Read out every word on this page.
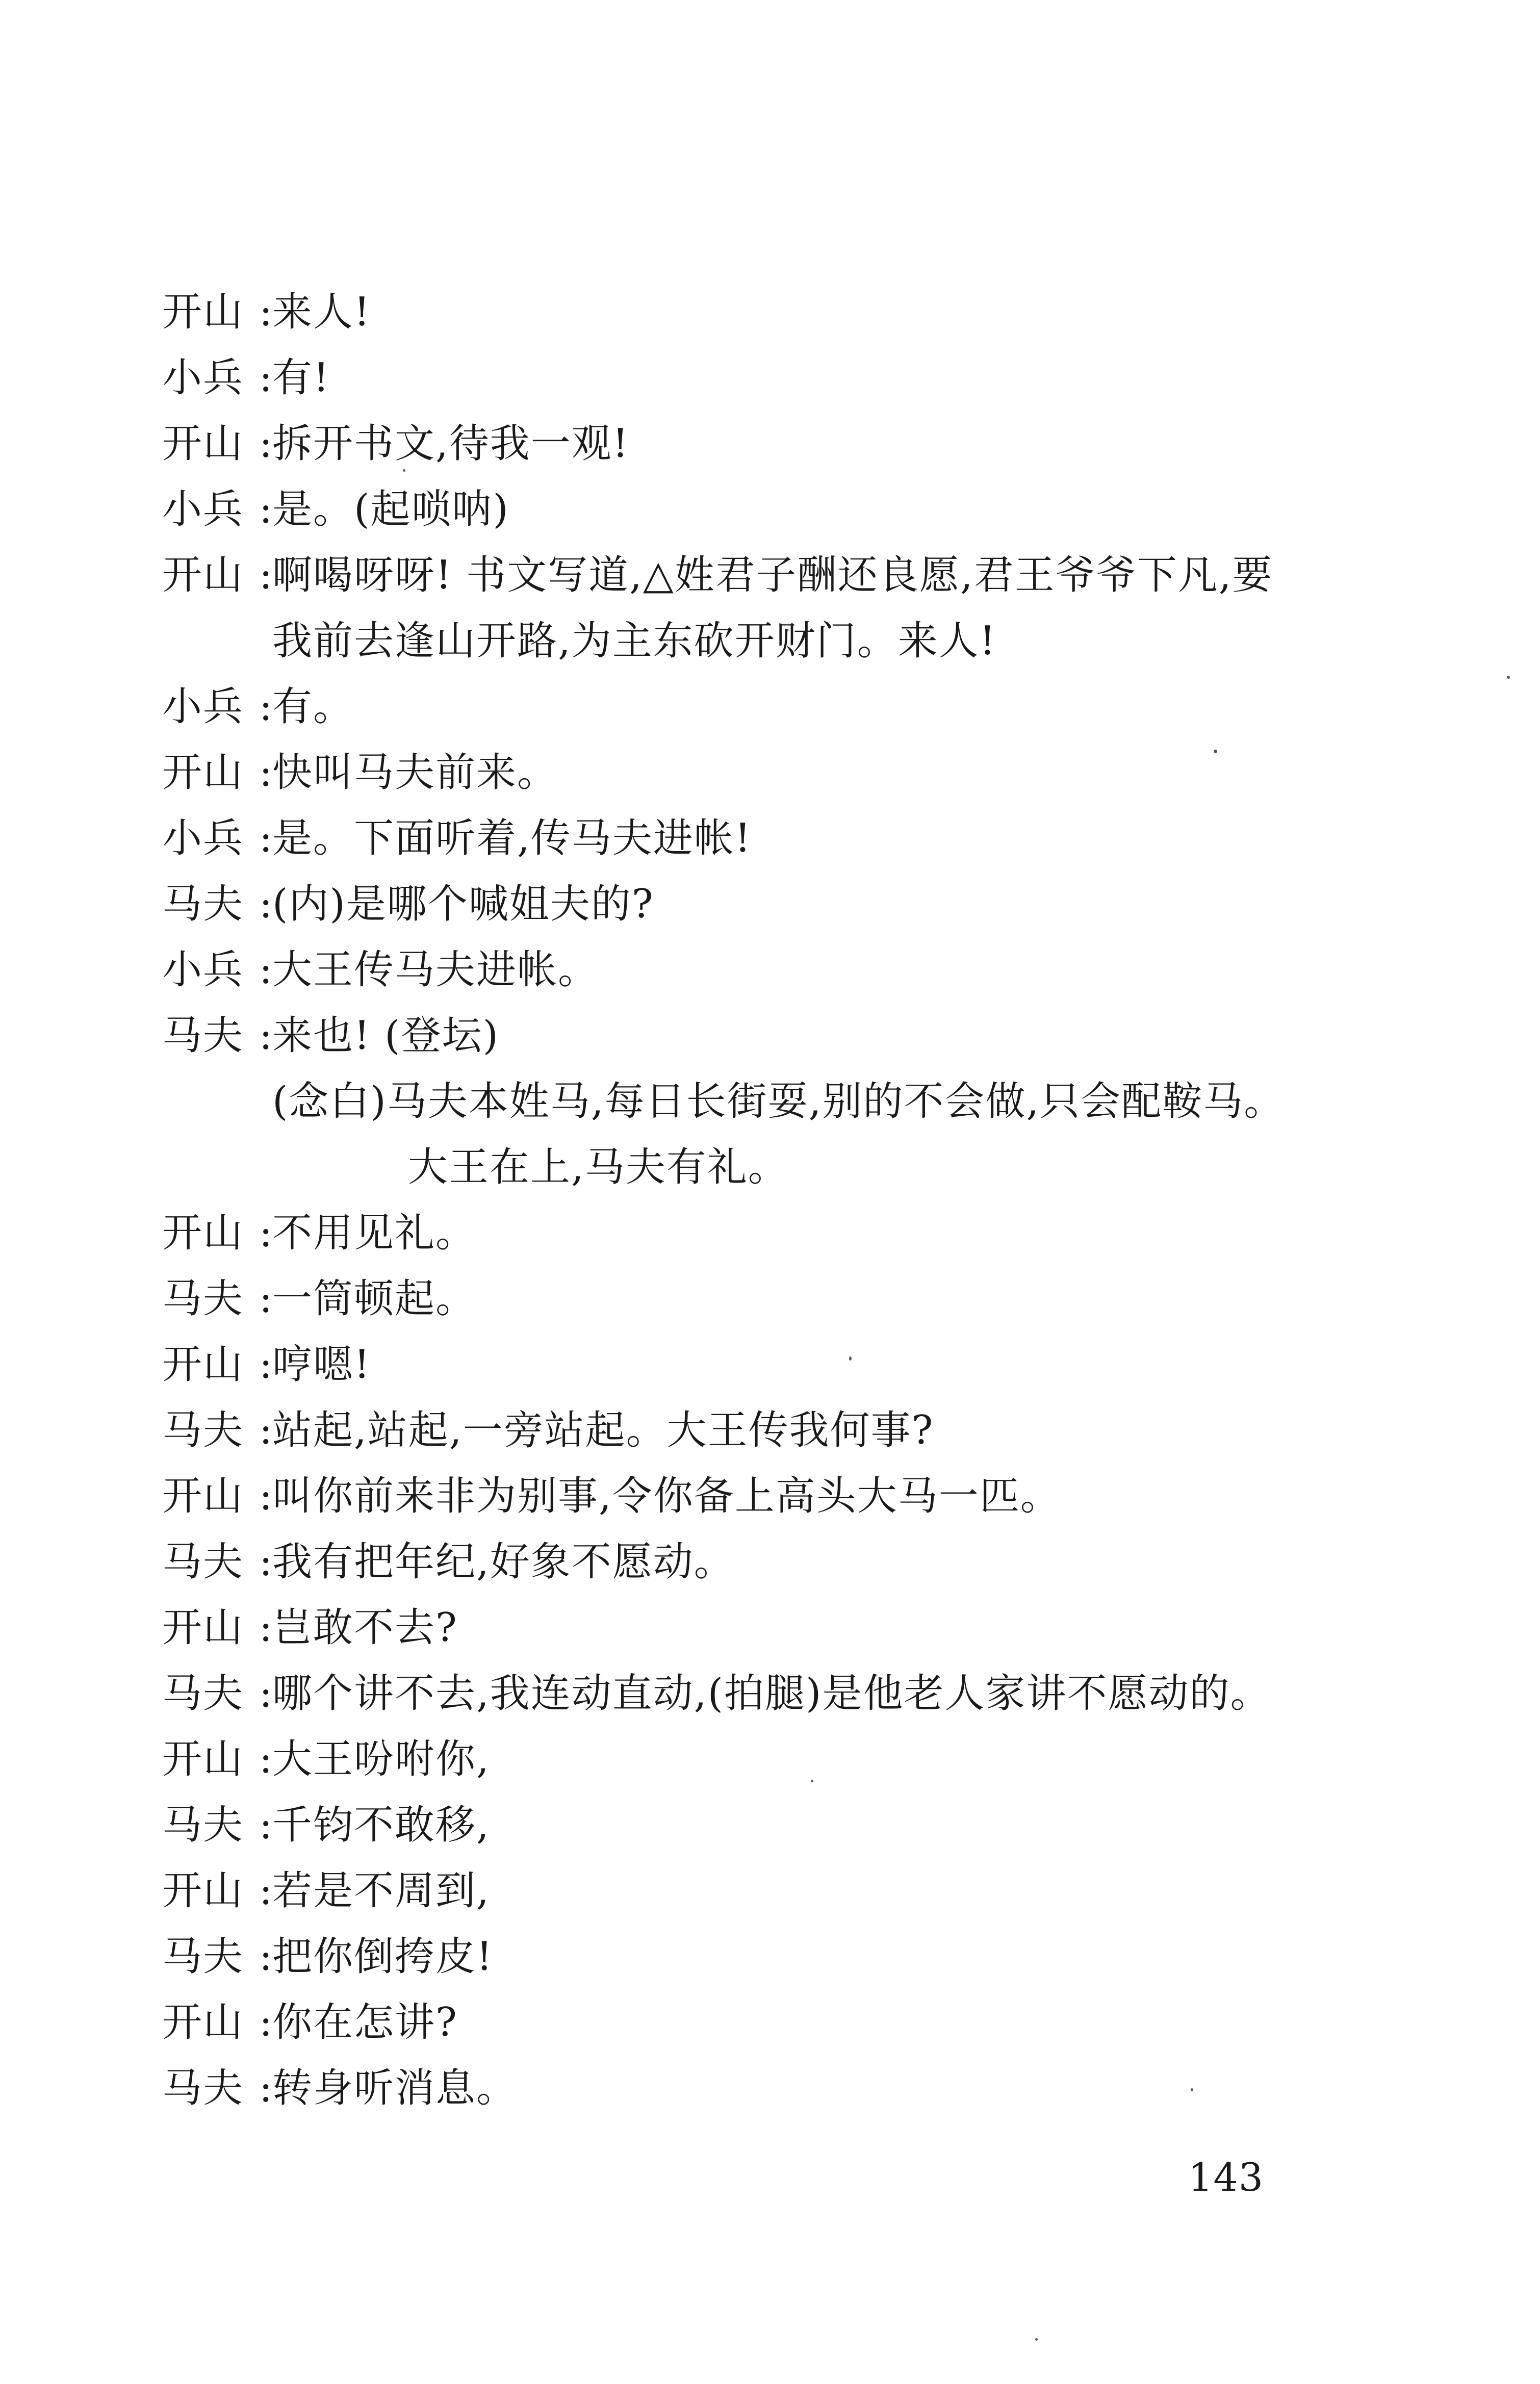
开山 :
来人!
小兵 :
有!
开山 :
拆开书文,待我一观!
小兵 :
是。(起唢呐)
开山 :
啊喝呀呀! 书文写道,△姓君子酬还良愿,君王爷爷下凡,要
我前去逢山开路,为主东砍开财门。来人!
小兵 :
有。
开山 :
快叫马夫前来。
小兵 :
是。下面听着,传马夫进帐!
马夫 :
(内)是哪个喊姐夫的?
小兵 :
大王传马夫进帐。
马夫 :
来也! (登坛)
(念白)马夫本姓马,每日长街耍,别的不会做,只会配鞍马。
大王在上,马夫有礼。
开山 :
不用见礼。
马夫 :
一筒顿起。
开山 :
哼嗯!
马夫 :
站起,站起,一旁站起。大王传我何事?
开山 :
叫你前来非为别事,令你备上高头大马一匹。
马夫 :
我有把年纪,好象不愿动。
开山 :
岂敢不去?
马夫 :
哪个讲不去,我连动直动,(拍腿)是他老人家讲不愿动的。
开山 :
大王吩咐你,
马夫 :
千钧不敢移,
开山 :
若是不周到,
马夫 :
把你倒挎皮!
开山 :
你在怎讲?
马夫 :
转身听消息。
143
